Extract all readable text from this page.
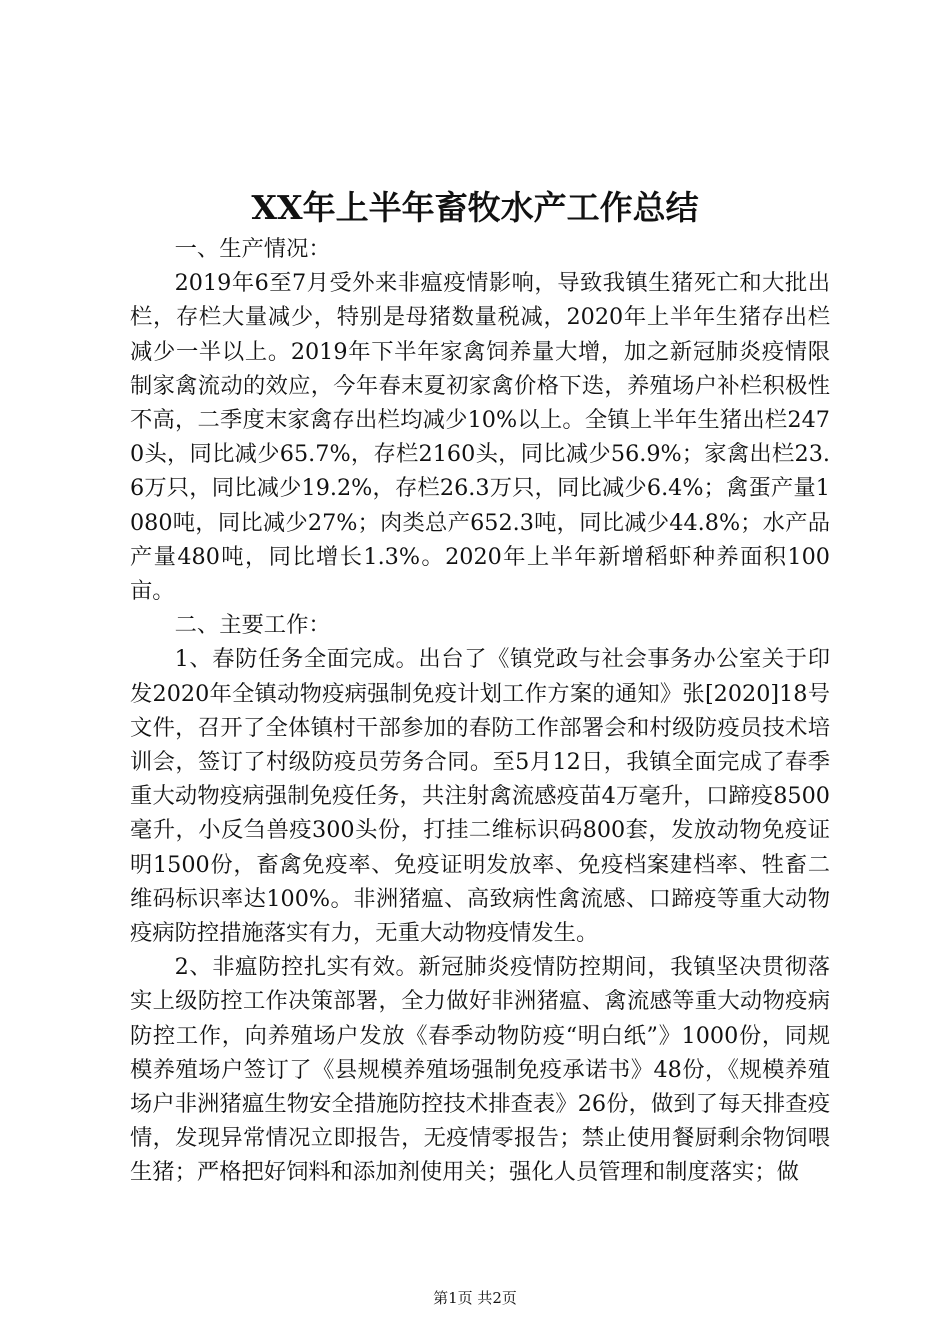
XX年上半年畜牧水产工作总结

一、生产情况：

2019年6至7月受外来非瘟疫情影响，导致我镇生猪死亡和大批出栏，存栏大量减少，特别是母猪数量税减，2020年上半年生猪存出栏减少一半以上。2019年下半年家禽饲养量大增，加之新冠肺炎疫情限制家禽流动的效应，今年春末夏初家禽价格下迭，养殖场户补栏积极性不高，二季度末家禽存出栏均减少10%以上。全镇上半年生猪出栏2470头，同比减少65.7%，存栏2160头，同比减少56.9%；家禽出栏23.6万只，同比减少19.2%，存栏26.3万只，同比减少6.4%；禽蛋产量1080吨，同比减少27%；肉类总产652.3吨，同比减少44.8%；水产品产量480吨，同比增长1.3%。2020年上半年新增稻虾种养面积100亩。

二、主要工作：

1、春防任务全面完成。出台了《镇党政与社会事务办公室关于印发2020年全镇动物疫病强制免疫计划工作方案的通知》张[2020]18号文件，召开了全体镇村干部参加的春防工作部署会和村级防疫员技术培训会，签订了村级防疫员劳务合同。至5月12日，我镇全面完成了春季重大动物疫病强制免疫任务，共注射禽流感疫苗4万毫升，口蹄疫8500毫升，小反刍兽疫300头份，打挂二维标识码800套，发放动物免疫证明1500份，畜禽免疫率、免疫证明发放率、免疫档案建档率、牲畜二维码标识率达100%。非洲猪瘟、高致病性禽流感、口蹄疫等重大动物疫病防控措施落实有力，无重大动物疫情发生。

2、非瘟防控扎实有效。新冠肺炎疫情防控期间，我镇坚决贯彻落实上级防控工作决策部署，全力做好非洲猪瘟、禽流感等重大动物疫病防控工作，向养殖场户发放《春季动物防疫“明白纸”》1000份，同规模养殖场户签订了《县规模养殖场强制免疫承诺书》48份，《规模养殖场户非洲猪瘟生物安全措施防控技术排查表》26份，做到了每天排查疫情，发现异常情况立即报告，无疫情零报告；禁止使用餐厨剩余物饲喂生猪；严格把好饲料和添加剂使用关；强化人员管理和制度落实；做

第1页 共2页
